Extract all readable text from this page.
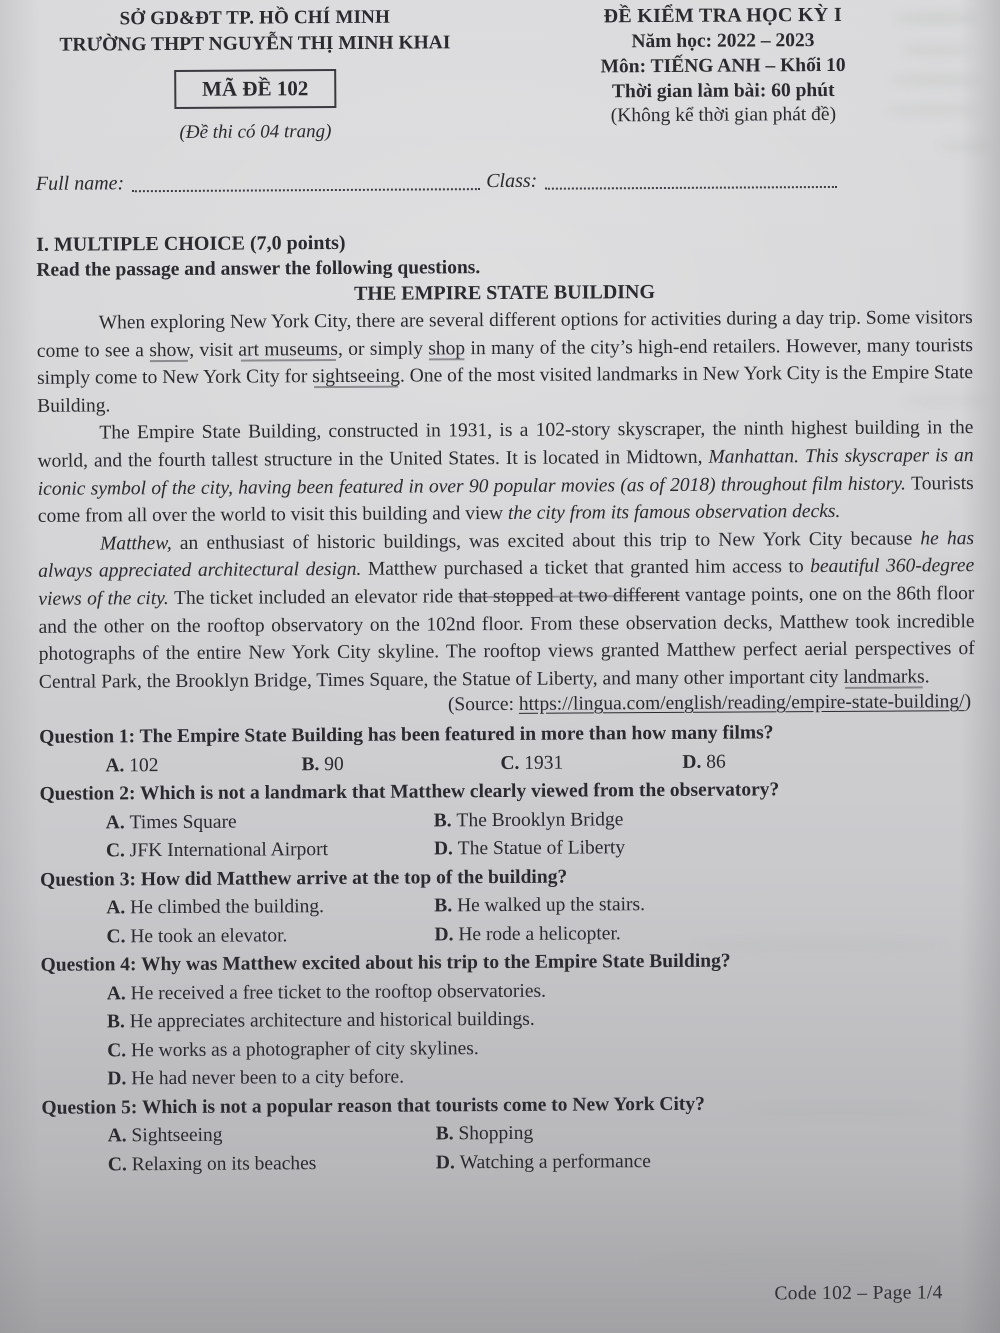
SỞ GD&ĐT TP. HỒ CHÍ MINH
TRƯỜNG THPT NGUYỄN THỊ MINH KHAI
MÃ ĐỀ 102
(Đề thi có 04 trang)
ĐỀ KIỂM TRA HỌC KỲ I
Năm học: 2022 – 2023
Môn: TIẾNG ANH – Khối 10
Thời gian làm bài: 60 phút
(Không kể thời gian phát đề)
Full name:	Class:
I. MULTIPLE CHOICE (7,0 points)
Read the passage and answer the following questions.
THE EMPIRE STATE BUILDING

When exploring New York City, there are several different options for activities during a day trip. Some visitors come to see a show, visit art museums, or simply shop in many of the city’s high-end retailers. However, many tourists simply come to New York City for sightseeing. One of the most visited landmarks in New York City is the Empire State Building.

The Empire State Building, constructed in 1931, is a 102-story skyscraper, the ninth highest building in the world, and the fourth tallest structure in the United States. It is located in Midtown, Manhattan. This skyscraper is an iconic symbol of the city, having been featured in over 90 popular movies (as of 2018) throughout film history. Tourists come from all over the world to visit this building and view the city from its famous observation decks.

Matthew, an enthusiast of historic buildings, was excited about this trip to New York City because he has always appreciated architectural design. Matthew purchased a ticket that granted him access to beautiful 360-degree views of the city. The ticket included an elevator ride that stopped at two different vantage points, one on the 86th floor and the other on the rooftop observatory on the 102nd floor. From these observation decks, Matthew took incredible photographs of the entire New York City skyline. The rooftop views granted Matthew perfect aerial perspectives of Central Park, the Brooklyn Bridge, Times Square, the Statue of Liberty, and many other important city landmarks.

(Source: https://lingua.com/english/reading/empire-state-building/)
Question 1: The Empire State Building has been featured in more than how many films?
A. 102	B. 90	C. 1931	D. 86
Question 2: Which is not a landmark that Matthew clearly viewed from the observatory?
A. Times Square	B. The Brooklyn Bridge
C. JFK International Airport	D. The Statue of Liberty
Question 3: How did Matthew arrive at the top of the building?
A. He climbed the building.	B. He walked up the stairs.
C. He took an elevator.	D. He rode a helicopter.
Question 4: Why was Matthew excited about his trip to the Empire State Building?
A. He received a free ticket to the rooftop observatories.
B. He appreciates architecture and historical buildings.
C. He works as a photographer of city skylines.
D. He had never been to a city before.
Question 5: Which is not a popular reason that tourists come to New York City?
A. Sightseeing	B. Shopping
C. Relaxing on its beaches	D. Watching a performance
Code 102 – Page 1/4
